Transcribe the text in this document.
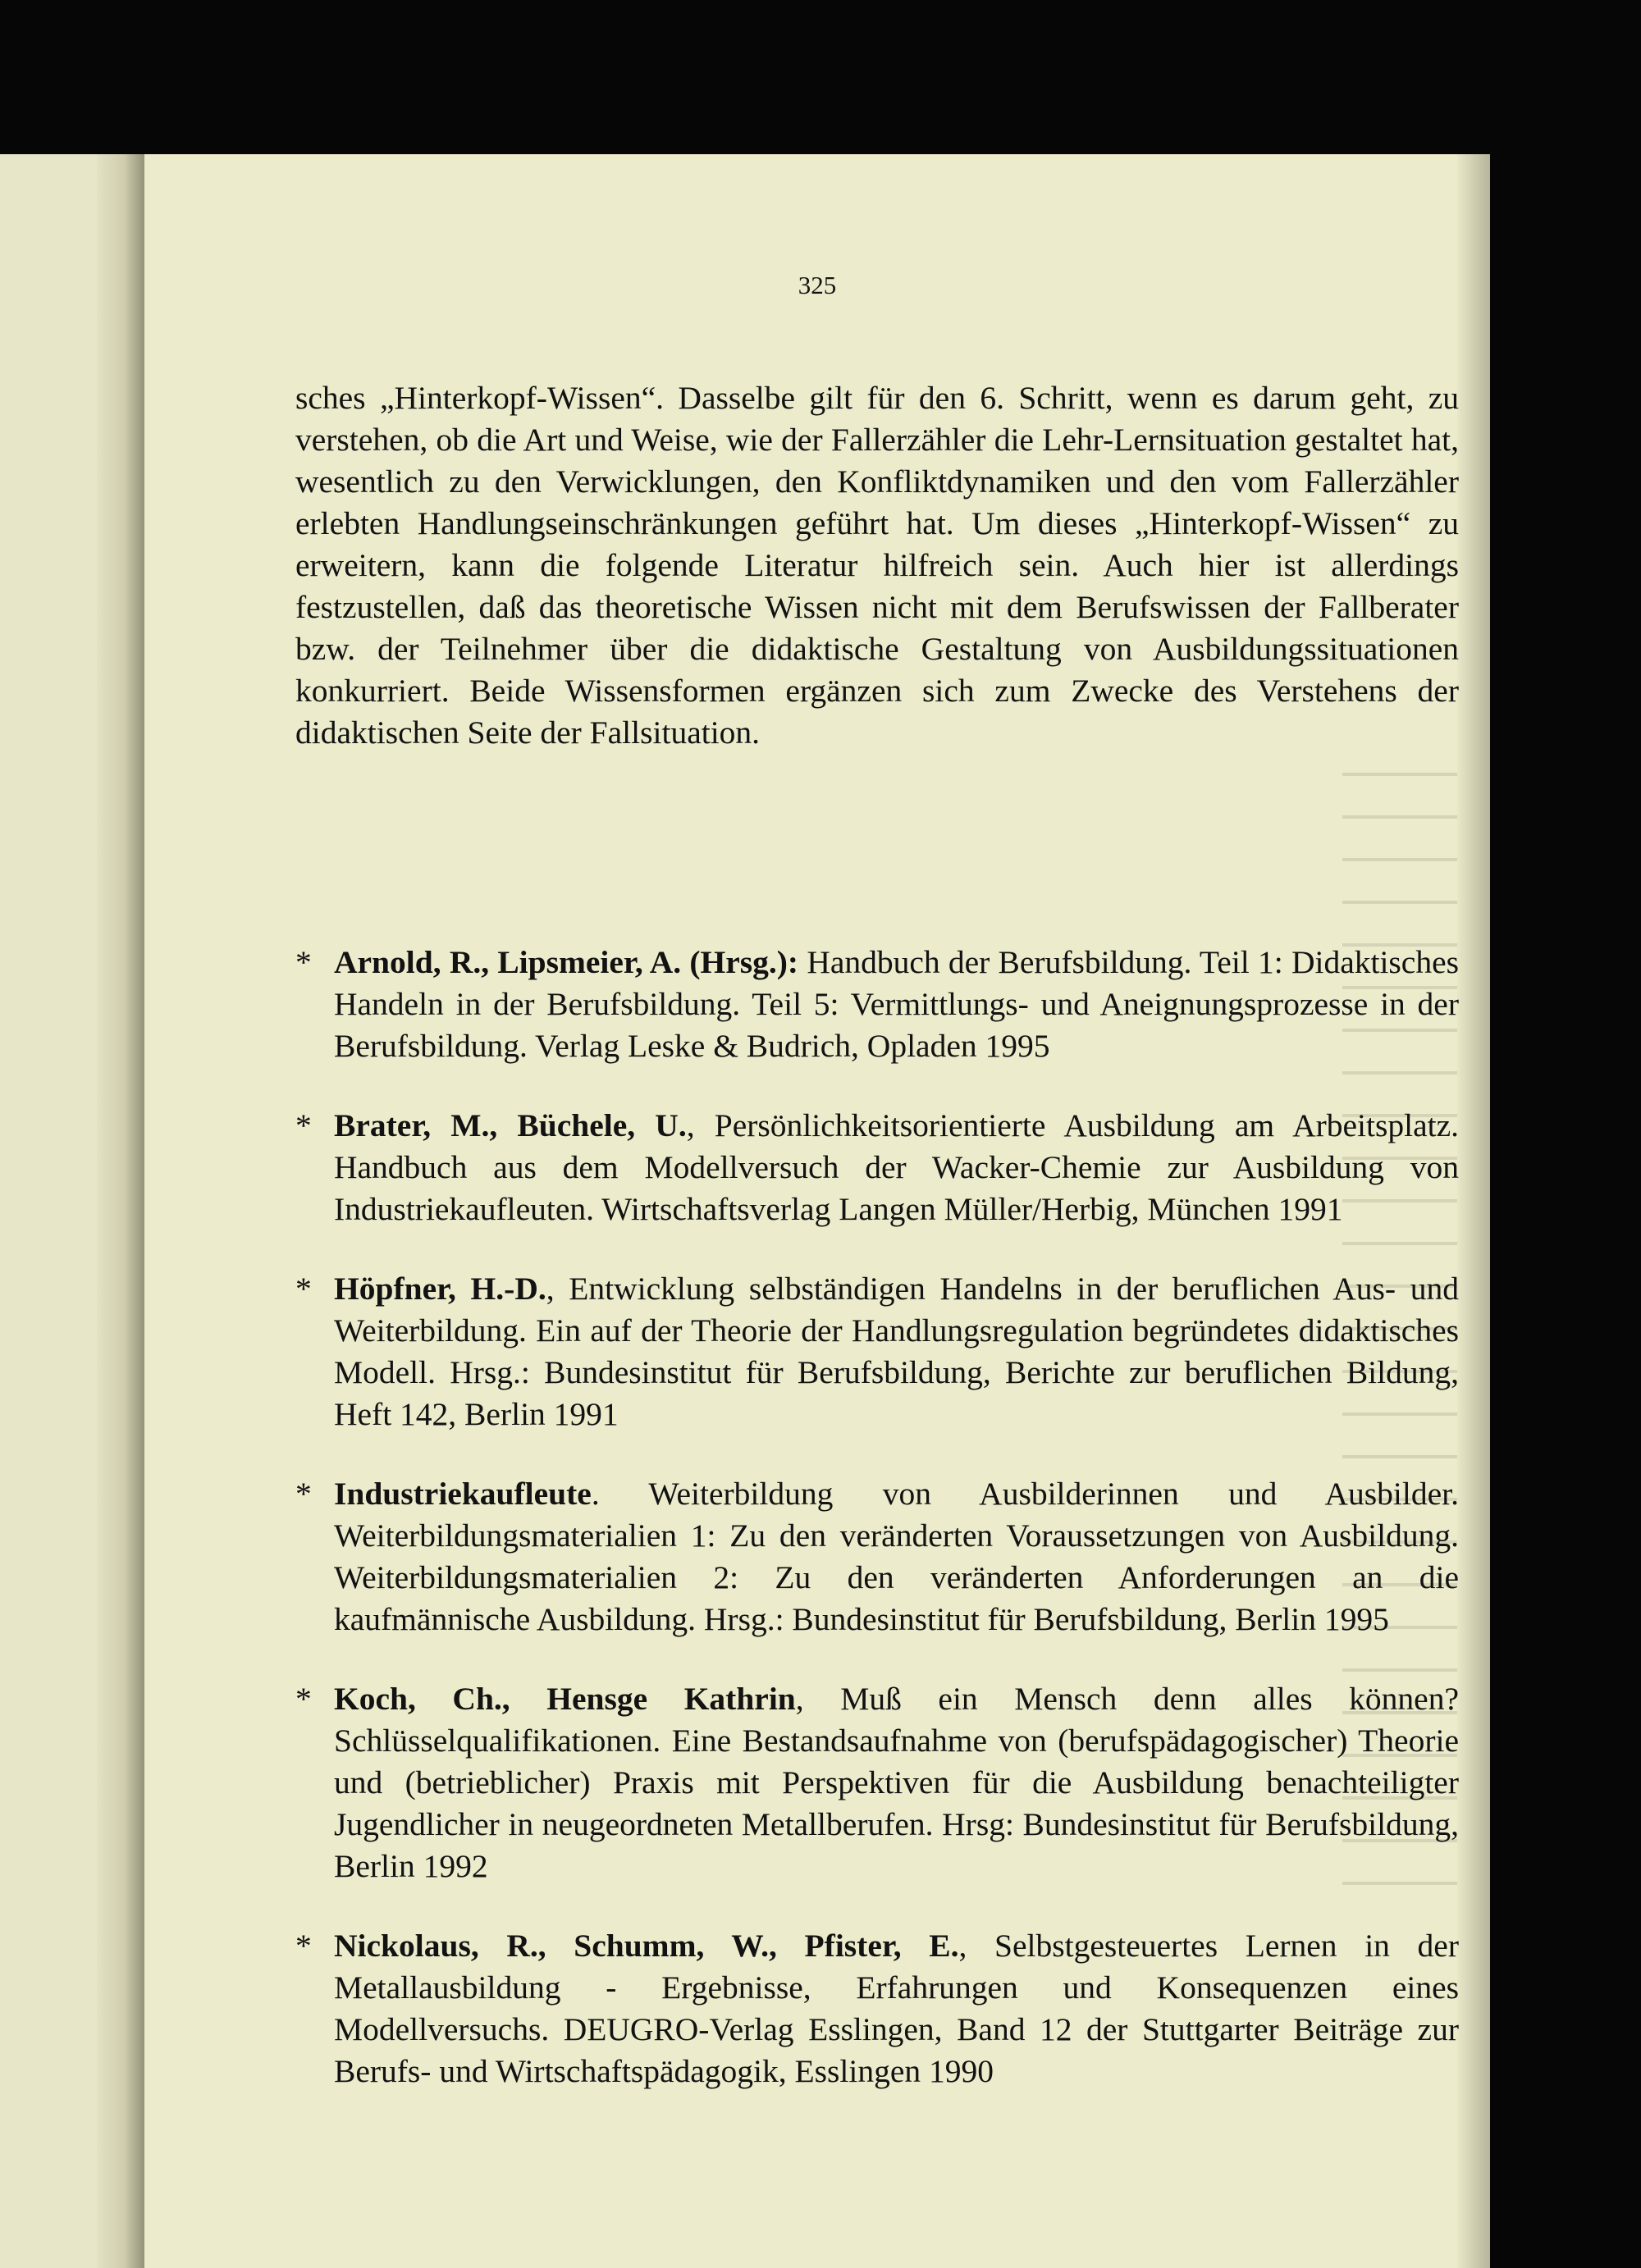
325

sches „Hinterkopf-Wissen“. Dasselbe gilt für den 6. Schritt, wenn es darum geht, zu verstehen, ob die Art und Weise, wie der Fallerzähler die Lehr-Lernsituation gestaltet hat, wesentlich zu den Verwicklungen, den Konfliktdynamiken und den vom Fallerzähler erlebten Handlungseinschränkungen geführt hat. Um dieses „Hinterkopf-Wissen“ zu erweitern, kann die folgende Literatur hilfreich sein. Auch hier ist allerdings festzustellen, daß das theoretische Wissen nicht mit dem Berufswissen der Fallberater bzw. der Teilnehmer über die didaktische Gestaltung von Ausbildungssituationen konkurriert. Beide Wissensformen ergänzen sich zum Zwecke des Verstehens der didaktischen Seite der Fallsituation.

* Arnold, R., Lipsmeier, A. (Hrsg.): Handbuch der Berufsbildung. Teil 1: Didaktisches Handeln in der Berufsbildung. Teil 5: Vermittlungs- und Aneignungsprozesse in der Berufsbildung. Verlag Leske & Budrich, Opladen 1995
* Brater, M., Büchele, U., Persönlichkeitsorientierte Ausbildung am Arbeitsplatz. Handbuch aus dem Modellversuch der Wacker-Chemie zur Ausbildung von Industriekaufleuten. Wirtschaftsverlag Langen Müller/Herbig, München 1991
* Höpfner, H.-D., Entwicklung selbständigen Handelns in der beruflichen Aus- und Weiterbildung. Ein auf der Theorie der Handlungsregulation begründetes didaktisches Modell. Hrsg.: Bundesinstitut für Berufsbildung, Berichte zur beruflichen Bildung, Heft 142, Berlin 1991
* Industriekaufleute. Weiterbildung von Ausbilderinnen und Ausbilder. Weiterbildungsmaterialien 1: Zu den veränderten Voraussetzungen von Ausbildung. Weiterbildungsmaterialien 2: Zu den veränderten Anforderungen an die kaufmännische Ausbildung. Hrsg.: Bundesinstitut für Berufsbildung, Berlin 1995
* Koch, Ch., Hensge Kathrin, Muß ein Mensch denn alles können? Schlüsselqualifikationen. Eine Bestandsaufnahme von (berufspädagogischer) Theorie und (betrieblicher) Praxis mit Perspektiven für die Ausbildung benachteiligter Jugendlicher in neugeordneten Metallberufen. Hrsg: Bundesinstitut für Berufsbildung, Berlin 1992
* Nickolaus, R., Schumm, W., Pfister, E., Selbstgesteuertes Lernen in der Metallausbildung - Ergebnisse, Erfahrungen und Konsequenzen eines Modellversuchs. DEUGRO-Verlag Esslingen, Band 12 der Stuttgarter Beiträge zur Berufs- und Wirtschaftspädagogik, Esslingen 1990
